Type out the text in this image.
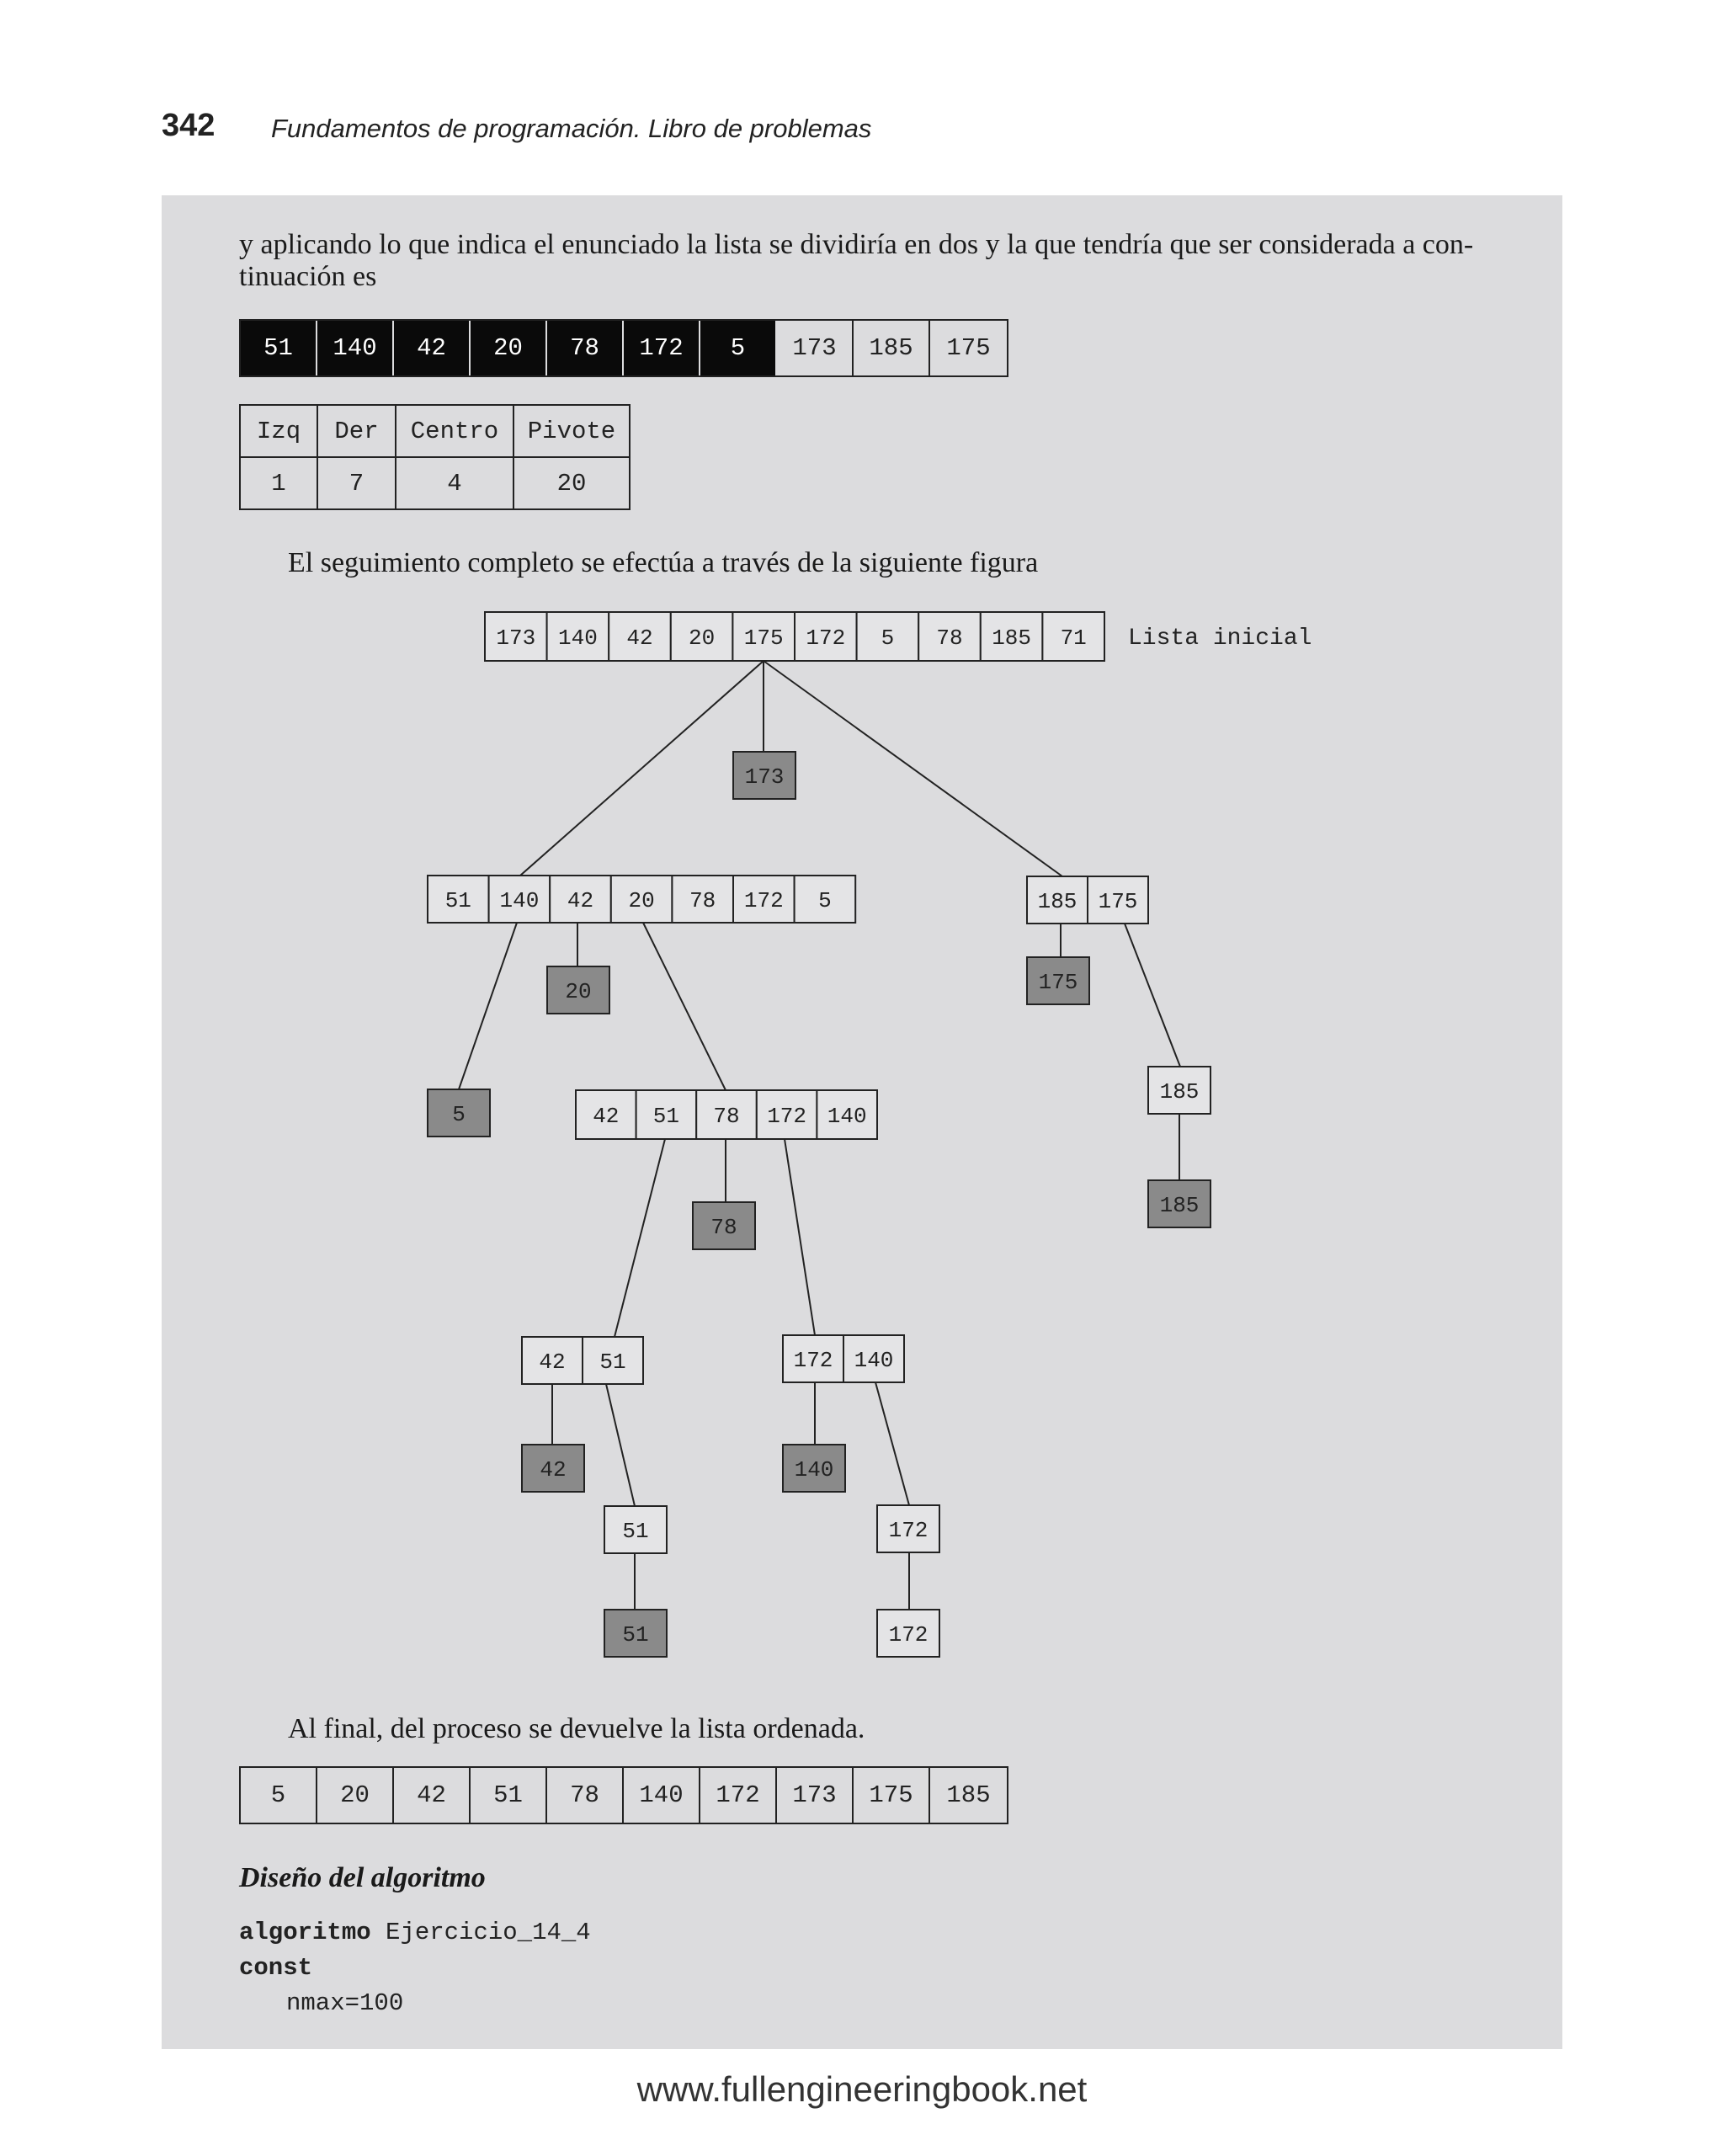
342 Fundamentos de programación. Libro de problemas
y aplicando lo que indica el enunciado la lista se dividiría en dos y la que tendría que ser considerada a con-
tinuación es
51	140	42	20	78	172	5	173	185	175
Izq	Der	Centro	Pivote
1	7	4	20
El seguimiento completo se efectúa a través de la siguiente figura
173 140 42 20 175 172 5 78 185 71
173
51 140 42 20 78 172 5	185 175
20	175
5	42 51 78 172 140
185
185
78
42 51	172 140
42	140
51	172
51	172
Lista inicial
Al final, del proceso se devuelve la lista ordenada.
5	20	42	51	78	140	172	173	175	185
Diseño del algoritmo
algoritmo Ejercicio_14_4
const
nmax=100
www.fullengineeringbook.net
